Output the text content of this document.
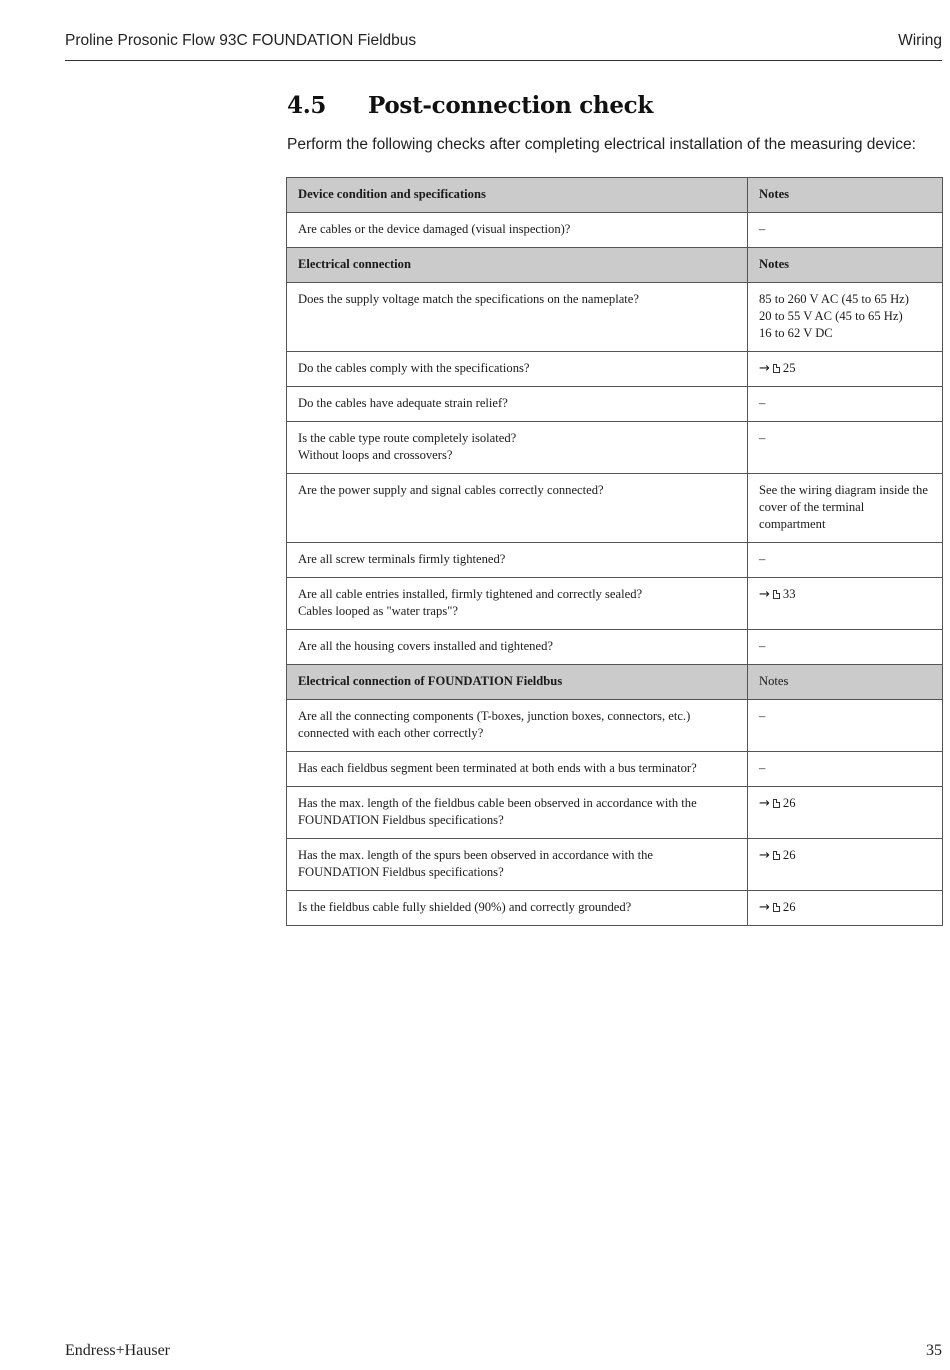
Proline Prosonic Flow 93C FOUNDATION Fieldbus	Wiring
4.5 Post-connection check
Perform the following checks after completing electrical installation of the measuring device:
Device condition and specifications	Notes
Are cables or the device damaged (visual inspection)?	–
Electrical connection	Notes
Does the supply voltage match the specifications on the nameplate?	85 to 260 V AC (45 to 65 Hz)
20 to 55 V AC (45 to 65 Hz)
16 to 62 V DC
Do the cables comply with the specifications?	→ 25
Do the cables have adequate strain relief?	–
Is the cable type route completely isolated?
Without loops and crossovers?	–
Are the power supply and signal cables correctly connected?	See the wiring diagram inside the cover of the terminal compartment
Are all screw terminals firmly tightened?	–
Are all cable entries installed, firmly tightened and correctly sealed?
Cables looped as "water traps"?	→ 33
Are all the housing covers installed and tightened?	–
Electrical connection of FOUNDATION Fieldbus	Notes
Are all the connecting components (T-boxes, junction boxes, connectors, etc.) connected with each other correctly?	–
Has each fieldbus segment been terminated at both ends with a bus terminator?	–
Has the max. length of the fieldbus cable been observed in accordance with the FOUNDATION Fieldbus specifications?	→ 26
Has the max. length of the spurs been observed in accordance with the FOUNDATION Fieldbus specifications?	→ 26
Is the fieldbus cable fully shielded (90%) and correctly grounded?	→ 26
Endress+Hauser	35
